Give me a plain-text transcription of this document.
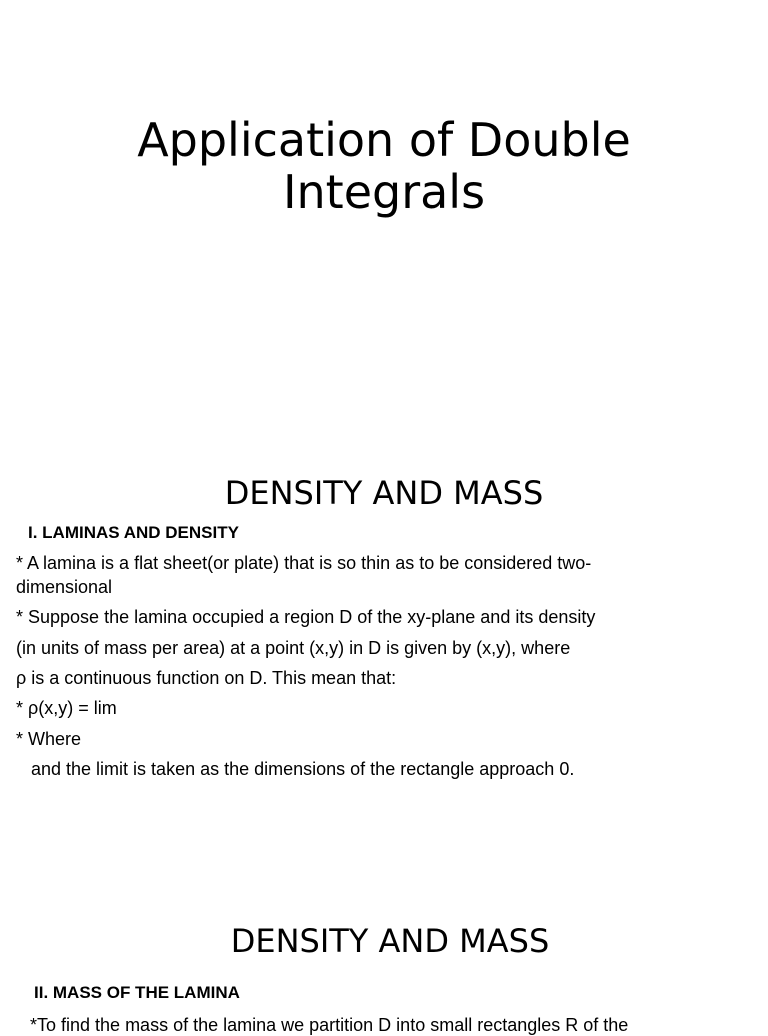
Application of Double
Integrals
DENSITY AND MASS
I. LAMINAS AND DENSITY

* A lamina is a flat sheet(or plate) that is so thin as to be considered two-

dimensional

* Suppose the lamina occupied a region D of the xy-plane and its density

(in units of mass per area) at a point (x,y) in D is given by (x,y), where

ρ is a continuous function on D. This mean that:

* ρ(x,y) = lim

* Where

and the limit is taken as the dimensions of the rectangle approach 0.

DENSITY AND MASS
II. MASS OF THE LAMINA

*To find the mass of the lamina we partition D into small rectangles R of the
